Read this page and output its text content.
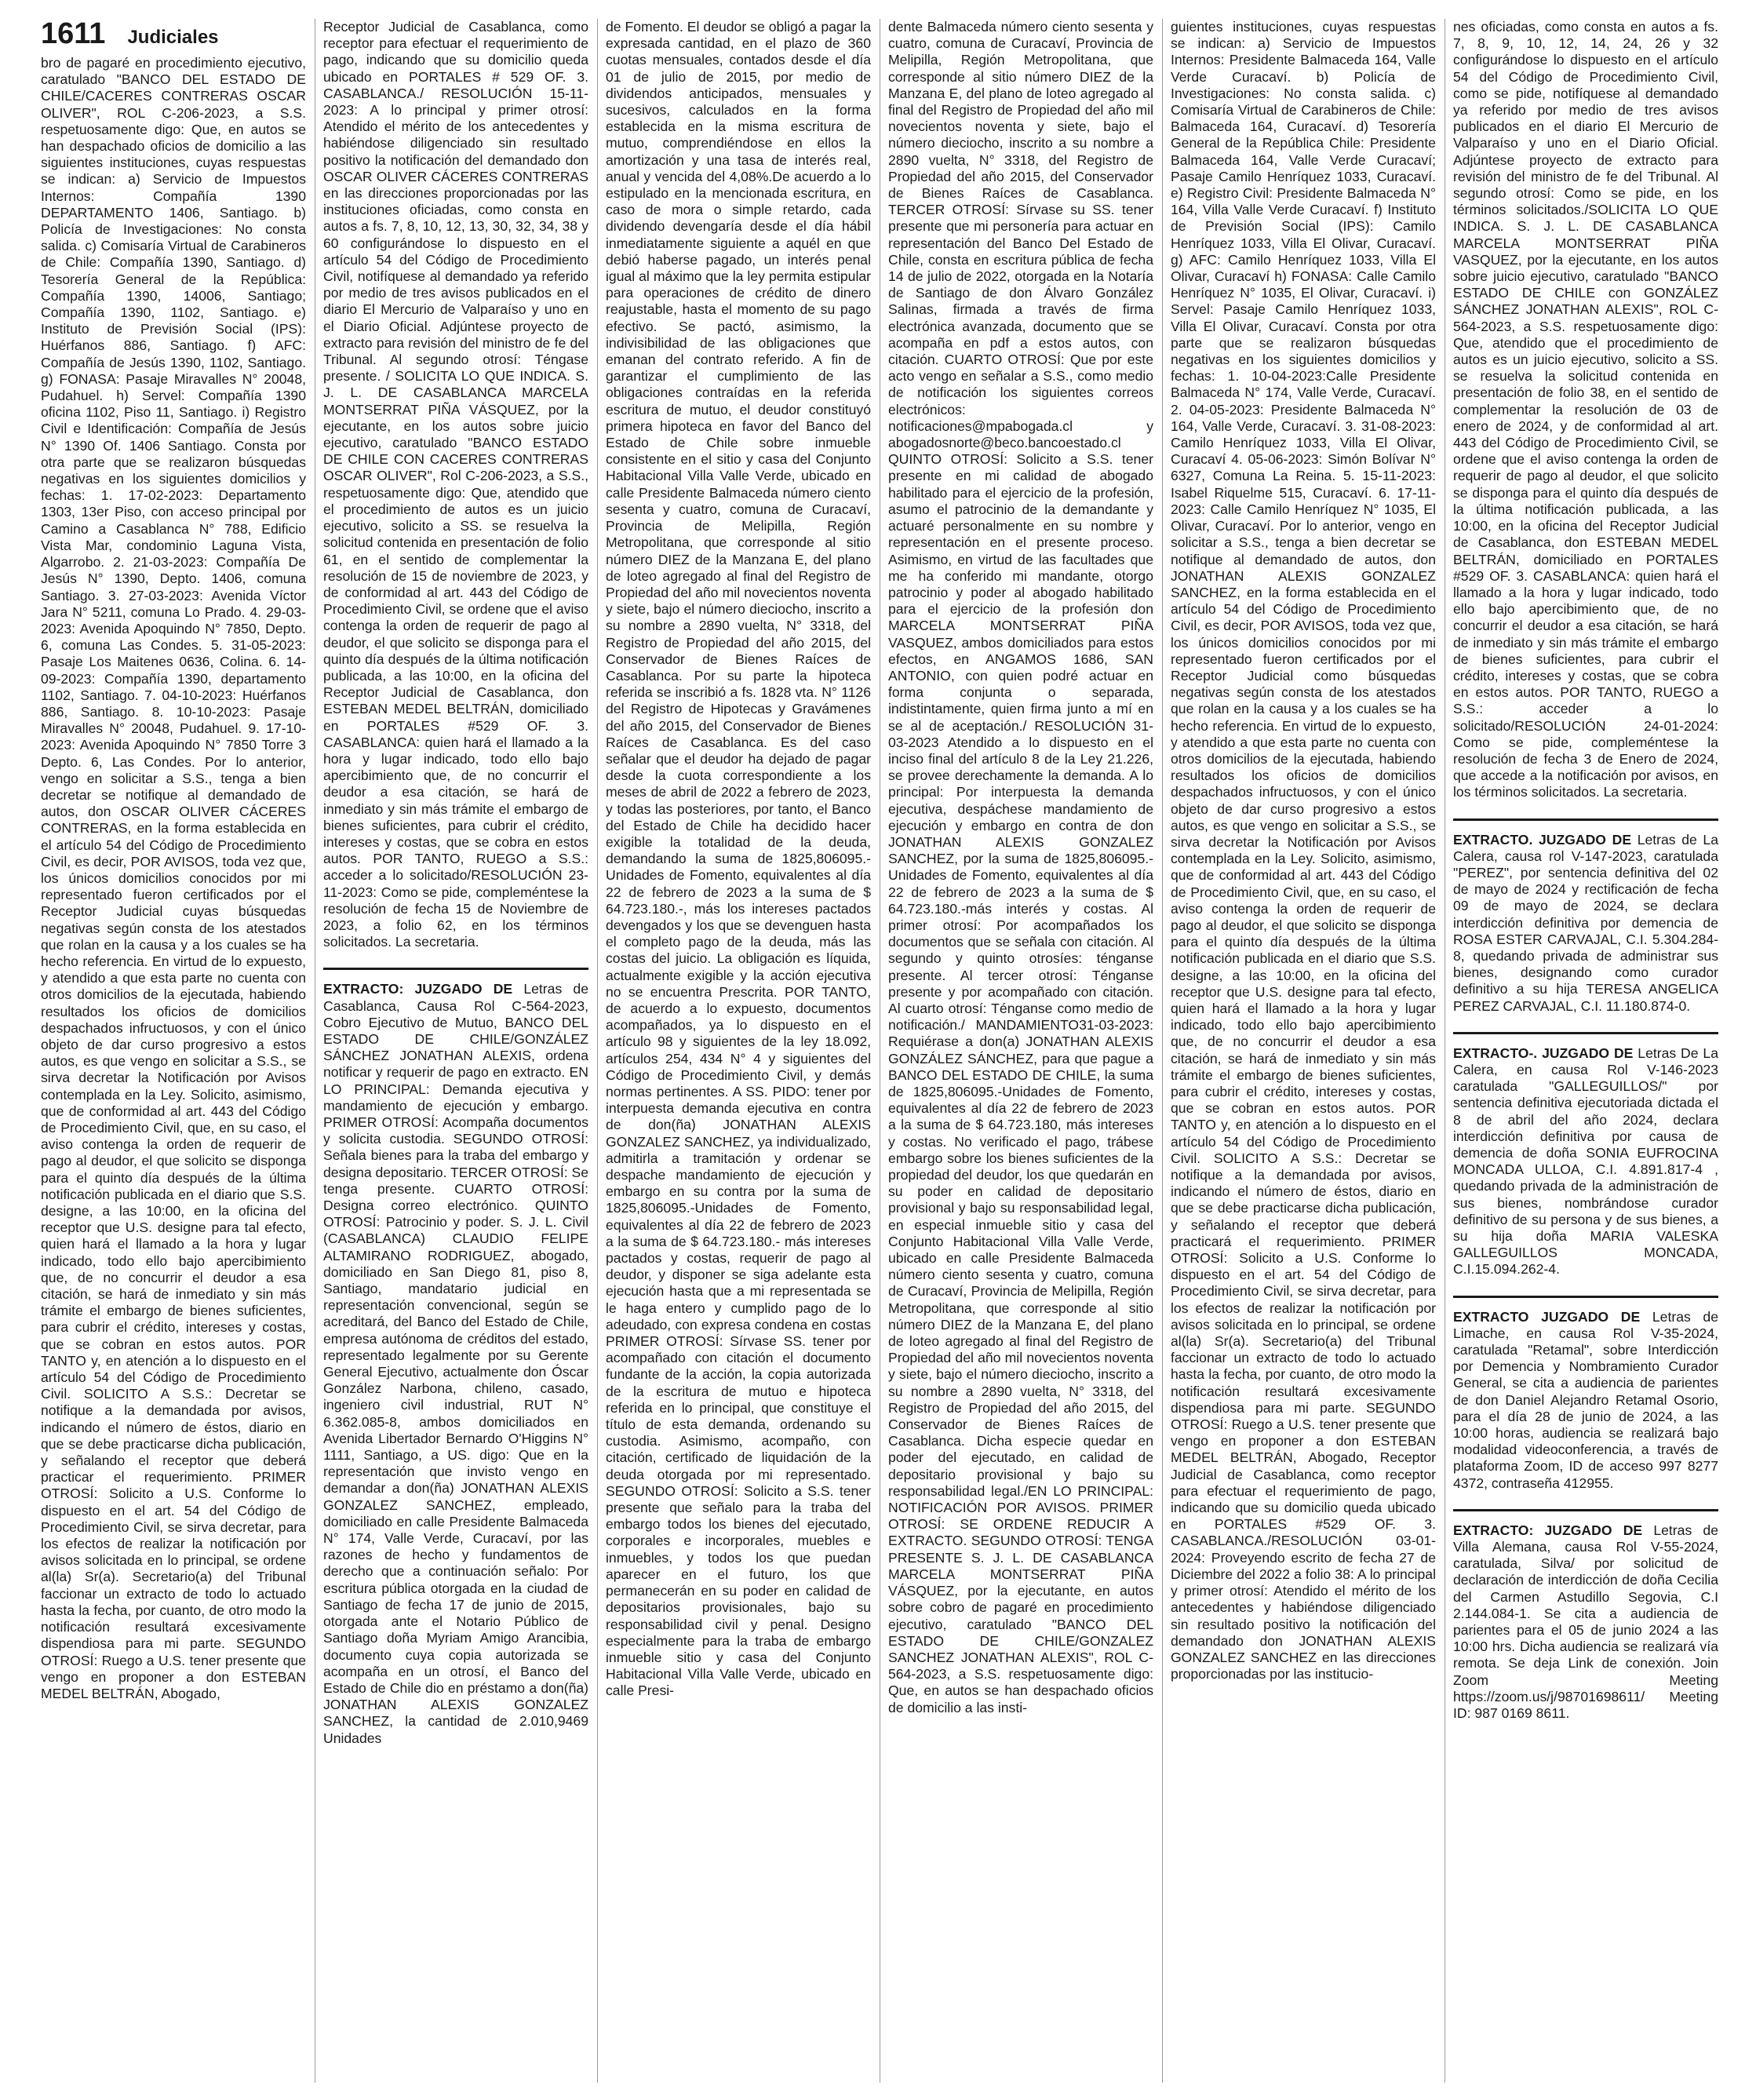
1611 Judiciales

bro de pagaré en procedimiento ejecutivo, caratulado "BANCO DEL ESTADO DE CHILE/CACERES CONTRERAS OSCAR OLIVER", ROL C-206-2023, a S.S. respetuosamente digo: Que, en autos se han despachado oficios de domicilio a las siguientes instituciones, cuyas respuestas se indican: a) Servicio de Impuestos Internos: Compañía 1390 DEPARTAMENTO 1406, Santiago. b) Policía de Investigaciones: No consta salida. c) Comisaría Virtual de Carabineros de Chile: Compañía 1390, Santiago. d) Tesorería General de la República: Compañía 1390, 14006, Santiago; Compañía 1390, 1102, Santiago. e) Instituto de Previsión Social (IPS): Huérfanos 886, Santiago. f) AFC: Compañía de Jesús 1390, 1102, Santiago. g) FONASA: Pasaje Miravalles N° 20048, Pudahuel. h) Servel: Compañía 1390 oficina 1102, Piso 11, Santiago. i) Registro Civil e Identificación: Compañía de Jesús N° 1390 Of. 1406 Santiago. Consta por otra parte que se realizaron búsquedas negativas en los siguientes domicilios y fechas: 1. 17-02-2023: Departamento 1303, 13er Piso, con acceso principal por Camino a Casablanca N° 788, Edificio Vista Mar, condominio Laguna Vista, Algarrobo. 2. 21-03-2023: Compañía De Jesús N° 1390, Depto. 1406, comuna Santiago. 3. 27-03-2023: Avenida Víctor Jara N° 5211, comuna Lo Prado. 4. 29-03-2023: Avenida Apoquindo N° 7850, Depto. 6, comuna Las Condes. 5. 31-05-2023: Pasaje Los Maitenes 0636, Colina. 6. 14-09-2023: Compañía 1390, departamento 1102, Santiago. 7. 04-10-2023: Huérfanos 886, Santiago. 8. 10-10-2023: Pasaje Miravalles N° 20048, Pudahuel. 9. 17-10-2023: Avenida Apoquindo N° 7850 Torre 3 Depto. 6, Las Condes. Por lo anterior, vengo en solicitar a S.S., tenga a bien decretar se notifique al demandado de autos, don OSCAR OLIVER CÁCERES CONTRERAS, en la forma establecida en el artículo 54 del Código de Procedimiento Civil, es decir, POR AVISOS, toda vez que, los únicos domicilios conocidos por mi representado fueron certificados por el Receptor Judicial cuyas búsquedas negativas según consta de los atestados que rolan en la causa y a los cuales se ha hecho referencia. En virtud de lo expuesto, y atendido a que esta parte no cuenta con otros domicilios de la ejecutada, habiendo resultados los oficios de domicilios despachados infructuosos, y con el único objeto de dar curso progresivo a estos autos, es que vengo en solicitar a S.S., se sirva decretar la Notificación por Avisos contemplada en la Ley. Solicito, asimismo, que de conformidad al art. 443 del Código de Procedimiento Civil, que, en su caso, el aviso contenga la orden de requerir de pago al deudor, el que solicito se disponga para el quinto día después de la última notificación publicada en el diario que S.S. designe, a las 10:00, en la oficina del receptor que U.S. designe para tal efecto, quien hará el llamado a la hora y lugar indicado, todo ello bajo apercibimiento que, de no concurrir el deudor a esa citación, se hará de inmediato y sin más trámite el embargo de bienes suficientes, para cubrir el crédito, intereses y costas, que se cobran en estos autos. POR TANTO y, en atención a lo dispuesto en el artículo 54 del Código de Procedimiento Civil. SOLICITO A S.S.: Decretar se notifique a la demandada por avisos, indicando el número de éstos, diario en que se debe practicarse dicha publicación, y señalando el receptor que deberá practicar el requerimiento. PRIMER OTROSÍ: Solicito a U.S. Conforme lo dispuesto en el art. 54 del Código de Procedimiento Civil, se sirva decretar, para los efectos de realizar la notificación por avisos solicitada en lo principal, se ordene al(la) Sr(a). Secretario(a) del Tribunal faccionar un extracto de todo lo actuado hasta la fecha, por cuanto, de otro modo la notificación resultará excesivamente dispendiosa para mi parte. SEGUNDO OTROSÍ: Ruego a U.S. tener presente que vengo en proponer a don ESTEBAN MEDEL BELTRÁN, Abogado,

Receptor Judicial de Casablanca, como receptor para efectuar el requerimiento de pago, indicando que su domicilio queda ubicado en PORTALES # 529 OF. 3. CASABLANCA./ RESOLUCIÓN 15-11-2023: A lo principal y primer otrosí: Atendido el mérito de los antecedentes y habiéndose diligenciado sin resultado positivo la notificación del demandado don OSCAR OLIVER CÁCERES CONTRERAS en las direcciones proporcionadas por las instituciones oficiadas, como consta en autos a fs. 7, 8, 10, 12, 13, 30, 32, 34, 38 y 60 configurándose lo dispuesto en el artículo 54 del Código de Procedimiento Civil, notifíquese al demandado ya referido por medio de tres avisos publicados en el diario El Mercurio de Valparaíso y uno en el Diario Oficial. Adjúntese proyecto de extracto para revisión del ministro de fe del Tribunal. Al segundo otrosí: Téngase presente. / SOLICITA LO QUE INDICA. S. J. L. DE CASABLANCA MARCELA MONTSERRAT PIÑA VÁSQUEZ, por la ejecutante, en los autos sobre juicio ejecutivo, caratulado "BANCO ESTADO DE CHILE CON CACERES CONTRERAS OSCAR OLIVER", Rol C-206-2023, a S.S., respetuosamente digo: Que, atendido que el procedimiento de autos es un juicio ejecutivo, solicito a SS. se resuelva la solicitud contenida en presentación de folio 61, en el sentido de complementar la resolución de 15 de noviembre de 2023, y de conformidad al art. 443 del Código de Procedimiento Civil, se ordene que el aviso contenga la orden de requerir de pago al deudor, el que solicito se disponga para el quinto día después de la última notificación publicada, a las 10:00, en la oficina del Receptor Judicial de Casablanca, don ESTEBAN MEDEL BELTRÁN, domiciliado en PORTALES #529 OF. 3. CASABLANCA: quien hará el llamado a la hora y lugar indicado, todo ello bajo apercibimiento que, de no concurrir el deudor a esa citación, se hará de inmediato y sin más trámite el embargo de bienes suficientes, para cubrir el crédito, intereses y costas, que se cobra en estos autos. POR TANTO, RUEGO a S.S.: acceder a lo solicitado/RESOLUCIÓN 23-11-2023: Como se pide, compleméntese la resolución de fecha 15 de Noviembre de 2023, a folio 62, en los términos solicitados. La secretaria.

EXTRACTO: JUZGADO DE Letras de Casablanca, Causa Rol C-564-2023, Cobro Ejecutivo de Mutuo, BANCO DEL ESTADO DE CHILE/GONZÁLEZ SÁNCHEZ JONATHAN ALEXIS, ordena notificar y requerir de pago en extracto. EN LO PRINCIPAL: Demanda ejecutiva y mandamiento de ejecución y embargo. PRIMER OTROSÍ: Acompaña documentos y solicita custodia. SEGUNDO OTROSÍ: Señala bienes para la traba del embargo y designa depositario. TERCER OTROSÍ: Se tenga presente. CUARTO OTROSÍ: Designa correo electrónico. QUINTO OTROSÍ: Patrocinio y poder. S. J. L. Civil (CASABLANCA) CLAUDIO FELIPE ALTAMIRANO RODRIGUEZ, abogado, domiciliado en San Diego 81, piso 8, Santiago, mandatario judicial en representación convencional, según se acreditará, del Banco del Estado de Chile, empresa autónoma de créditos del estado, representado legalmente por su Gerente General Ejecutivo, actualmente don Óscar González Narbona, chileno, casado, ingeniero civil industrial, RUT N° 6.362.085-8, ambos domiciliados en Avenida Libertador Bernardo O'Higgins N° 1111, Santiago, a US. digo: Que en la representación que invisto vengo en demandar a don(ña) JONATHAN ALEXIS GONZALEZ SANCHEZ, empleado, domiciliado en calle Presidente Balmaceda N° 174, Valle Verde, Curacaví, por las razones de hecho y fundamentos de derecho que a continuación señalo: Por escritura pública otorgada en la ciudad de Santiago de fecha 17 de junio de 2015, otorgada ante el Notario Público de Santiago doña Myriam Amigo Arancibia, documento cuya copia autorizada se acompaña en un otrosí, el Banco del Estado de Chile dio en préstamo a don(ña) JONATHAN ALEXIS GONZALEZ SANCHEZ, la cantidad de 2.010,9469 Unidades

de Fomento. El deudor se obligó a pagar la expresada cantidad, en el plazo de 360 cuotas mensuales, contados desde el día 01 de julio de 2015, por medio de dividendos anticipados, mensuales y sucesivos, calculados en la forma establecida en la misma escritura de mutuo, comprendiéndose en ellos la amortización y una tasa de interés real, anual y vencida del 4,08%.De acuerdo a lo estipulado en la mencionada escritura, en caso de mora o simple retardo, cada dividendo devengaría desde el día hábil inmediatamente siguiente a aquél en que debió haberse pagado, un interés penal igual al máximo que la ley permita estipular para operaciones de crédito de dinero reajustable, hasta el momento de su pago efectivo. Se pactó, asimismo, la indivisibilidad de las obligaciones que emanan del contrato referido. A fin de garantizar el cumplimiento de las obligaciones contraídas en la referida escritura de mutuo, el deudor constituyó primera hipoteca en favor del Banco del Estado de Chile sobre inmueble consistente en el sitio y casa del Conjunto Habitacional Villa Valle Verde, ubicado en calle Presidente Balmaceda número ciento sesenta y cuatro, comuna de Curacaví, Provincia de Melipilla, Región Metropolitana, que corresponde al sitio número DIEZ de la Manzana E, del plano de loteo agregado al final del Registro de Propiedad del año mil novecientos noventa y siete, bajo el número dieciocho, inscrito a su nombre a 2890 vuelta, N° 3318, del Registro de Propiedad del año 2015, del Conservador de Bienes Raíces de Casablanca. Por su parte la hipoteca referida se inscribió a fs. 1828 vta. N° 1126 del Registro de Hipotecas y Gravámenes del año 2015, del Conservador de Bienes Raíces de Casablanca. Es del caso señalar que el deudor ha dejado de pagar desde la cuota correspondiente a los meses de abril de 2022 a febrero de 2023, y todas las posteriores, por tanto, el Banco del Estado de Chile ha decidido hacer exigible la totalidad de la deuda, demandando la suma de 1825,806095.-Unidades de Fomento, equivalentes al día 22 de febrero de 2023 a la suma de $ 64.723.180.-, más los intereses pactados devengados y los que se devenguen hasta el completo pago de la deuda, más las costas del juicio. La obligación es líquida, actualmente exigible y la acción ejecutiva no se encuentra Prescrita. POR TANTO, de acuerdo a lo expuesto, documentos acompañados, ya lo dispuesto en el artículo 98 y siguientes de la ley 18.092, artículos 254, 434 N° 4 y siguientes del Código de Procedimiento Civil, y demás normas pertinentes. A SS. PIDO: tener por interpuesta demanda ejecutiva en contra de don(ña) JONATHAN ALEXIS GONZALEZ SANCHEZ, ya individualizado, admitirla a tramitación y ordenar se despache mandamiento de ejecución y embargo en su contra por la suma de 1825,806095.-Unidades de Fomento, equivalentes al día 22 de febrero de 2023 a la suma de $ 64.723.180.- más intereses pactados y costas, requerir de pago al deudor, y disponer se siga adelante esta ejecución hasta que a mi representada se le haga entero y cumplido pago de lo adeudado, con expresa condena en costas PRIMER OTROSÍ: Sírvase SS. tener por acompañado con citación el documento fundante de la acción, la copia autorizada de la escritura de mutuo e hipoteca referida en lo principal, que constituye el título de esta demanda, ordenando su custodia. Asimismo, acompaño, con citación, certificado de liquidación de la deuda otorgada por mi representado. SEGUNDO OTROSÍ: Solicito a S.S. tener presente que señalo para la traba del embargo todos los bienes del ejecutado, corporales e incorporales, muebles e inmuebles, y todos los que puedan aparecer en el futuro, los que permanecerán en su poder en calidad de depositarios provisionales, bajo su responsabilidad civil y penal. Designo especialmente para la traba de embargo inmueble sitio y casa del Conjunto Habitacional Villa Valle Verde, ubicado en calle Presi-

dente Balmaceda número ciento sesenta y cuatro, comuna de Curacaví, Provincia de Melipilla, Región Metropolitana, que corresponde al sitio número DIEZ de la Manzana E, del plano de loteo agregado al final del Registro de Propiedad del año mil novecientos noventa y siete, bajo el número dieciocho, inscrito a su nombre a 2890 vuelta, N° 3318, del Registro de Propiedad del año 2015, del Conservador de Bienes Raíces de Casablanca. TERCER OTROSÍ: Sírvase su SS. tener presente que mi personería para actuar en representación del Banco Del Estado de Chile, consta en escritura pública de fecha 14 de julio de 2022, otorgada en la Notaría de Santiago de don Álvaro González Salinas, firmada a través de firma electrónica avanzada, documento que se acompaña en pdf a estos autos, con citación. CUARTO OTROSÍ: Que por este acto vengo en señalar a S.S., como medio de notificación los siguientes correos electrónicos: notificaciones@mpabogada.cl y abogadosnorte@beco.bancoestado.cl QUINTO OTROSÍ: Solicito a S.S. tener presente en mi calidad de abogado habilitado para el ejercicio de la profesión, asumo el patrocinio de la demandante y actuaré personalmente en su nombre y representación en el presente proceso. Asimismo, en virtud de las facultades que me ha conferido mi mandante, otorgo patrocinio y poder al abogado habilitado para el ejercicio de la profesión don MARCELA MONTSERRAT PIÑA VASQUEZ, ambos domiciliados para estos efectos, en ANGAMOS 1686, SAN ANTONIO, con quien podré actuar en forma conjunta o separada, indistintamente, quien firma junto a mí en se al de aceptación./ RESOLUCIÓN 31-03-2023 Atendido a lo dispuesto en el inciso final del artículo 8 de la Ley 21.226, se provee derechamente la demanda. A lo principal: Por interpuesta la demanda ejecutiva, despáchese mandamiento de ejecución y embargo en contra de don JONATHAN ALEXIS GONZALEZ SANCHEZ, por la suma de 1825,806095.-Unidades de Fomento, equivalentes al día 22 de febrero de 2023 a la suma de $ 64.723.180.-más interés y costas. Al primer otrosí: Por acompañados los documentos que se señala con citación. Al segundo y quinto otrosíes: ténganse presente. Al tercer otrosí: Ténganse presente y por acompañado con citación. Al cuarto otrosí: Ténganse como medio de notificación./ MANDAMIENTO31-03-2023: Requiérase a don(a) JONATHAN ALEXIS GONZÁLEZ SÁNCHEZ, para que pague a BANCO DEL ESTADO DE CHILE, la suma de 1825,806095.-Unidades de Fomento, equivalentes al día 22 de febrero de 2023 a la suma de $ 64.723.180, más intereses y costas. No verificado el pago, trábese embargo sobre los bienes suficientes de la propiedad del deudor, los que quedarán en su poder en calidad de depositario provisional y bajo su responsabilidad legal, en especial inmueble sitio y casa del Conjunto Habitacional Villa Valle Verde, ubicado en calle Presidente Balmaceda número ciento sesenta y cuatro, comuna de Curacaví, Provincia de Melipilla, Región Metropolitana, que corresponde al sitio número DIEZ de la Manzana E, del plano de loteo agregado al final del Registro de Propiedad del año mil novecientos noventa y siete, bajo el número dieciocho, inscrito a su nombre a 2890 vuelta, N° 3318, del Registro de Propiedad del año 2015, del Conservador de Bienes Raíces de Casablanca. Dicha especie quedar en poder del ejecutado, en calidad de depositario provisional y bajo su responsabilidad legal./EN LO PRINCIPAL: NOTIFICACIÓN POR AVISOS. PRIMER OTROSÍ: SE ORDENE REDUCIR A EXTRACTO. SEGUNDO OTROSÍ: TENGA PRESENTE S. J. L. DE CASABLANCA MARCELA MONTSERRAT PIÑA VÁSQUEZ, por la ejecutante, en autos sobre cobro de pagaré en procedimiento ejecutivo, caratulado "BANCO DEL ESTADO DE CHILE/GONZALEZ SANCHEZ JONATHAN ALEXIS", ROL C-564-2023, a S.S. respetuosamente digo: Que, en autos se han despachado oficios de domicilio a las insti-

guientes instituciones, cuyas respuestas se indican: a) Servicio de Impuestos Internos: Presidente Balmaceda 164, Valle Verde Curacaví. b) Policía de Investigaciones: No consta salida. c) Comisaría Virtual de Carabineros de Chile: Balmaceda 164, Curacaví. d) Tesorería General de la República Chile: Presidente Balmaceda 164, Valle Verde Curacaví; Pasaje Camilo Henríquez 1033, Curacaví. e) Registro Civil: Presidente Balmaceda N° 164, Villa Valle Verde Curacaví. f) Instituto de Previsión Social (IPS): Camilo Henríquez 1033, Villa El Olivar, Curacaví. g) AFC: Camilo Henríquez 1033, Villa El Olivar, Curacaví h) FONASA: Calle Camilo Henríquez N° 1035, El Olivar, Curacaví. i) Servel: Pasaje Camilo Henríquez 1033, Villa El Olivar, Curacaví. Consta por otra parte que se realizaron búsquedas negativas en los siguientes domicilios y fechas: 1. 10-04-2023:Calle Presidente Balmaceda N° 174, Valle Verde, Curacaví. 2. 04-05-2023: Presidente Balmaceda N° 164, Valle Verde, Curacaví. 3. 31-08-2023: Camilo Henríquez 1033, Villa El Olivar, Curacaví 4. 05-06-2023: Simón Bolívar N° 6327, Comuna La Reina. 5. 15-11-2023: Isabel Riquelme 515, Curacaví. 6. 17-11-2023: Calle Camilo Henríquez N° 1035, El Olivar, Curacaví. Por lo anterior, vengo en solicitar a S.S., tenga a bien decretar se notifique al demandado de autos, don JONATHAN ALEXIS GONZALEZ SANCHEZ, en la forma establecida en el artículo 54 del Código de Procedimiento Civil, es decir, POR AVISOS, toda vez que, los únicos domicilios conocidos por mi representado fueron certificados por el Receptor Judicial como búsquedas negativas según consta de los atestados que rolan en la causa y a los cuales se ha hecho referencia. En virtud de lo expuesto, y atendido a que esta parte no cuenta con otros domicilios de la ejecutada, habiendo resultados los oficios de domicilios despachados infructuosos, y con el único objeto de dar curso progresivo a estos autos, es que vengo en solicitar a S.S., se sirva decretar la Notificación por Avisos contemplada en la Ley. Solicito, asimismo, que de conformidad al art. 443 del Código de Procedimiento Civil, que, en su caso, el aviso contenga la orden de requerir de pago al deudor, el que solicito se disponga para el quinto día después de la última notificación publicada en el diario que S.S. designe, a las 10:00, en la oficina del receptor que U.S. designe para tal efecto, quien hará el llamado a la hora y lugar indicado, todo ello bajo apercibimiento que, de no concurrir el deudor a esa citación, se hará de inmediato y sin más trámite el embargo de bienes suficientes, para cubrir el crédito, intereses y costas, que se cobran en estos autos. POR TANTO y, en atención a lo dispuesto en el artículo 54 del Código de Procedimiento Civil. SOLICITO A S.S.: Decretar se notifique a la demandada por avisos, indicando el número de éstos, diario en que se debe practicarse dicha publicación, y señalando el receptor que deberá practicará el requerimiento. PRIMER OTROSÍ: Solicito a U.S. Conforme lo dispuesto en el art. 54 del Código de Procedimiento Civil, se sirva decretar, para los efectos de realizar la notificación por avisos solicitada en lo principal, se ordene al(la) Sr(a). Secretario(a) del Tribunal faccionar un extracto de todo lo actuado hasta la fecha, por cuanto, de otro modo la notificación resultará excesivamente dispendiosa para mi parte. SEGUNDO OTROSÍ: Ruego a U.S. tener presente que vengo en proponer a don ESTEBAN MEDEL BELTRÁN, Abogado, Receptor Judicial de Casablanca, como receptor para efectuar el requerimiento de pago, indicando que su domicilio queda ubicado en PORTALES #529 OF. 3. CASABLANCA./RESOLUCIÓN 03-01-2024: Proveyendo escrito de fecha 27 de Diciembre del 2022 a folio 38: A lo principal y primer otrosí: Atendido el mérito de los antecedentes y habiéndose diligenciado sin resultado positivo la notificación del demandado don JONATHAN ALEXIS GONZALEZ SANCHEZ en las direcciones proporcionadas por las institucio-

nes oficiadas, como consta en autos a fs. 7, 8, 9, 10, 12, 14, 24, 26 y 32 configurándose lo dispuesto en el artículo 54 del Código de Procedimiento Civil, como se pide, notifíquese al demandado ya referido por medio de tres avisos publicados en el diario El Mercurio de Valparaíso y uno en el Diario Oficial. Adjúntese proyecto de extracto para revisión del ministro de fe del Tribunal. Al segundo otrosí: Como se pide, en los términos solicitados./SOLICITA LO QUE INDICA. S. J. L. DE CASABLANCA MARCELA MONTSERRAT PIÑA VASQUEZ, por la ejecutante, en los autos sobre juicio ejecutivo, caratulado "BANCO ESTADO DE CHILE con GONZÁLEZ SÁNCHEZ JONATHAN ALEXIS", ROL C-564-2023, a S.S. respetuosamente digo: Que, atendido que el procedimiento de autos es un juicio ejecutivo, solicito a SS. se resuelva la solicitud contenida en presentación de folio 38, en el sentido de complementar la resolución de 03 de enero de 2024, y de conformidad al art. 443 del Código de Procedimiento Civil, se ordene que el aviso contenga la orden de requerir de pago al deudor, el que solicito se disponga para el quinto día después de la última notificación publicada, a las 10:00, en la oficina del Receptor Judicial de Casablanca, don ESTEBAN MEDEL BELTRÁN, domiciliado en PORTALES #529 OF. 3. CASABLANCA: quien hará el llamado a la hora y lugar indicado, todo ello bajo apercibimiento que, de no concurrir el deudor a esa citación, se hará de inmediato y sin más trámite el embargo de bienes suficientes, para cubrir el crédito, intereses y costas, que se cobra en estos autos. POR TANTO, RUEGO a S.S.: acceder a lo solicitado/RESOLUCIÓN 24-01-2024: Como se pide, compleméntese la resolución de fecha 3 de Enero de 2024, que accede a la notificación por avisos, en los términos solicitados. La secretaria.

EXTRACTO. JUZGADO DE Letras de La Calera, causa rol V-147-2023, caratulada "PEREZ", por sentencia definitiva del 02 de mayo de 2024 y rectificación de fecha 09 de mayo de 2024, se declara interdicción definitiva por demencia de ROSA ESTER CARVAJAL, C.I. 5.304.284-8, quedando privada de administrar sus bienes, designando como curador definitivo a su hija TERESA ANGELICA PEREZ CARVAJAL, C.I. 11.180.874-0.
EXTRACTO-. JUZGADO DE Letras De La Calera, en causa Rol V-146-2023 caratulada "GALLEGUILLOS/" por sentencia definitiva ejecutoriada dictada el 8 de abril del año 2024, declara interdicción definitiva por causa de demencia de doña SONIA EUFROCINA MONCADA ULLOA, C.I. 4.891.817-4 , quedando privada de la administración de sus bienes, nombrándose curador definitivo de su persona y de sus bienes, a su hija doña MARIA VALESKA GALLEGUILLOS MONCADA, C.I.15.094.262-4.
EXTRACTO JUZGADO DE Letras de Limache, en causa Rol V-35-2024, caratulada "Retamal", sobre Interdicción por Demencia y Nombramiento Curador General, se cita a audiencia de parientes de don Daniel Alejandro Retamal Osorio, para el día 28 de junio de 2024, a las 10:00 horas, audiencia se realizará bajo modalidad videoconferencia, a través de plataforma Zoom, ID de acceso 997 8277 4372, contraseña 412955.
EXTRACTO: JUZGADO DE Letras de Villa Alemana, causa Rol V-55-2024, caratulada, Silva/ por solicitud de declaración de interdicción de doña Cecilia del Carmen Astudillo Segovia, C.I 2.144.084-1. Se cita a audiencia de parientes para el 05 de junio 2024 a las 10:00 hrs. Dicha audiencia se realizará vía remota. Se deja Link de conexión. Join Zoom Meeting https://zoom.us/j/98701698611/ Meeting ID: 987 0169 8611.
